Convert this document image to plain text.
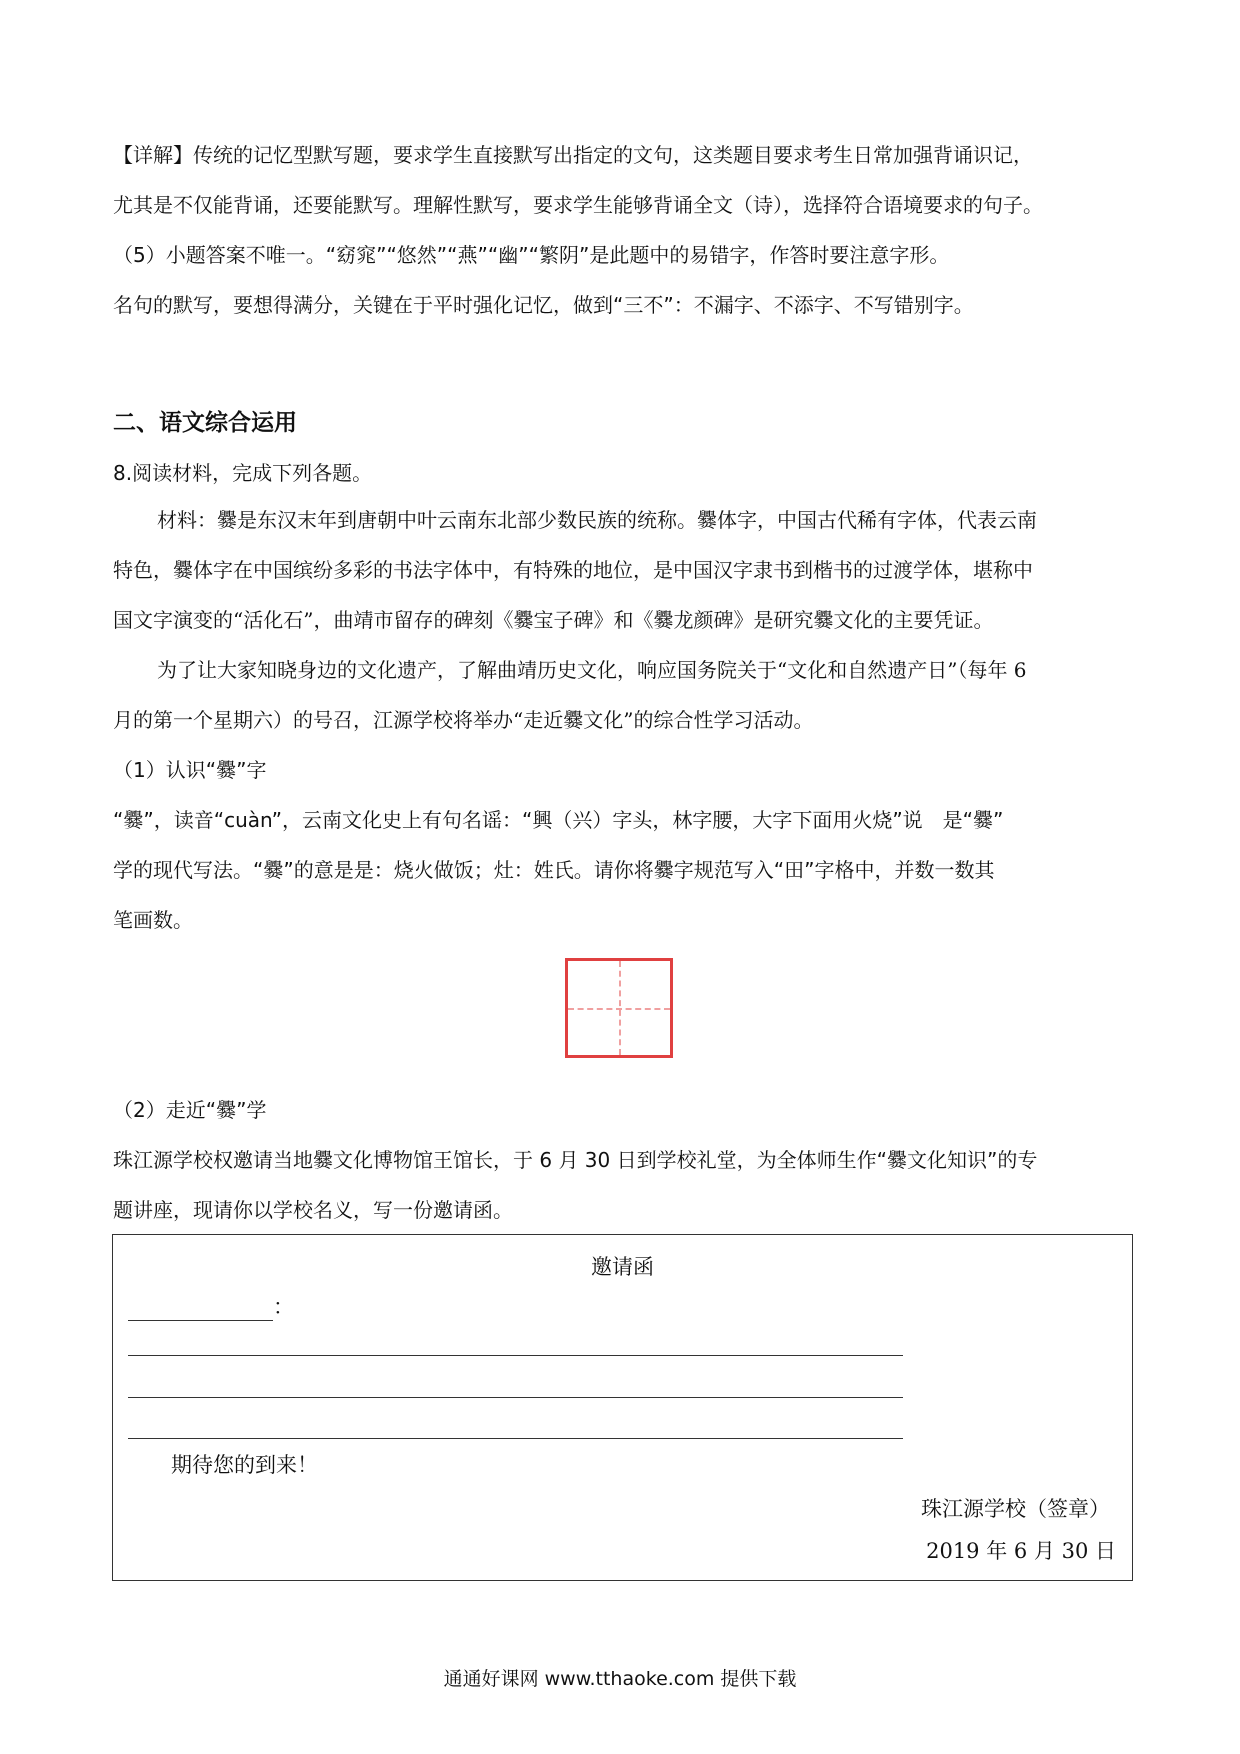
【详解】传统的记忆型默写题，要求学生直接默写出指定的文句，这类题目要求考生日常加强背诵识记，
尤其是不仅能背诵，还要能默写。理解性默写，要求学生能够背诵全文（诗），选择符合语境要求的句子。
（5）小题答案不唯一。“窈窕”“悠然”“燕”“幽”“繁阴”是此题中的易错字，作答时要注意字形。
名句的默写，要想得满分，关键在于平时强化记忆，做到“三不”：不漏字、不添字、不写错别字。
二、语文综合运用

8.阅读材料，完成下列各题。

材料：爨是东汉末年到唐朝中叶云南东北部少数民族的统称。爨体字，中国古代稀有字体，代表云南
特色，爨体字在中国缤纷多彩的书法字体中，有特殊的地位，是中国汉字隶书到楷书的过渡学体，堪称中
国文字演变的“活化石”，曲靖市留存的碑刻《爨宝子碑》和《爨龙颜碑》是研究爨文化的主要凭证。
为了让大家知晓身边的文化遗产，了解曲靖历史文化，响应国务院关于“文化和自然遗产日”（每年 6
月的第一个星期六）的号召，江源学校将举办“走近爨文化”的综合性学习活动。
（1）认识“爨”字
“爨”，读音“cuàn”，云南文化史上有句名谣：“興（兴）字头，林字腰，大字下面用火烧”说　是“爨”
学的现代写法。“爨”的意是是：烧火做饭；灶：姓氏。请你将爨字规范写入“田”字格中，并数一数其
笔画数。
（2）走近“爨”学
珠江源学校权邀请当地爨文化博物馆王馆长，于 6 月 30 日到学校礼堂，为全体师生作“爨文化知识”的专
题讲座，现请你以学校名义，写一份邀请函。
邀请函
：
期待您的到来！
珠江源学校（签章）
2019 年 6 月 30 日
通通好课网 www.tthaoke.com 提供下载
